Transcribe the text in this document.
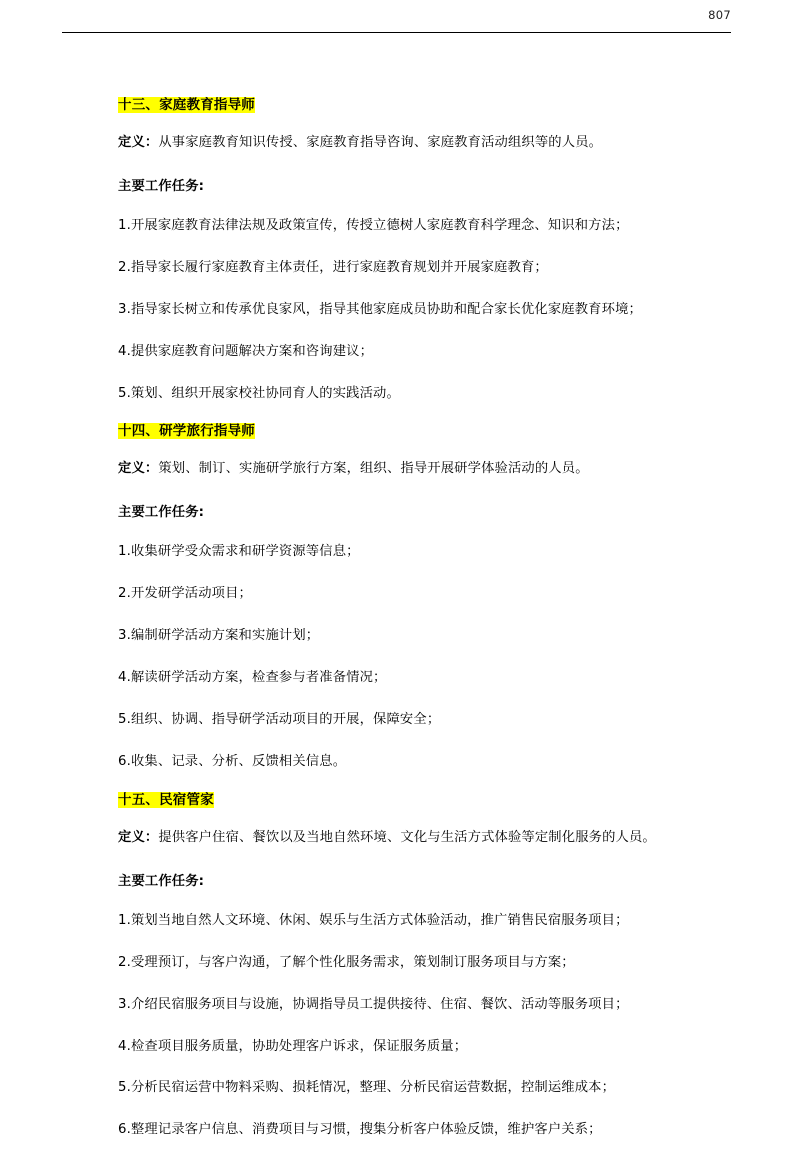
807
十三、家庭教育指导师

定义：从事家庭教育知识传授、家庭教育指导咨询、家庭教育活动组织等的人员。

主要工作任务:

1.开展家庭教育法律法规及政策宣传，传授立德树人家庭教育科学理念、知识和方法；

2.指导家长履行家庭教育主体责任，进行家庭教育规划并开展家庭教育；

3.指导家长树立和传承优良家风，指导其他家庭成员协助和配合家长优化家庭教育环境；

4.提供家庭教育问题解决方案和咨询建议；

5.策划、组织开展家校社协同育人的实践活动。

十四、研学旅行指导师

定义：策划、制订、实施研学旅行方案，组织、指导开展研学体验活动的人员。

主要工作任务:

1.收集研学受众需求和研学资源等信息；

2.开发研学活动项目；

3.编制研学活动方案和实施计划；

4.解读研学活动方案，检查参与者准备情况；

5.组织、协调、指导研学活动项目的开展，保障安全；

6.收集、记录、分析、反馈相关信息。

十五、民宿管家

定义：提供客户住宿、餐饮以及当地自然环境、文化与生活方式体验等定制化服务的人员。

主要工作任务:

1.策划当地自然人文环境、休闲、娱乐与生活方式体验活动，推广销售民宿服务项目；

2.受理预订，与客户沟通，了解个性化服务需求，策划制订服务项目与方案；

3.介绍民宿服务项目与设施，协调指导员工提供接待、住宿、餐饮、活动等服务项目；

4.检查项目服务质量，协助处理客户诉求，保证服务质量；

5.分析民宿运营中物料采购、损耗情况，整理、分析民宿运营数据，控制运维成本；

6.整理记录客户信息、消费项目与习惯，搜集分析客户体验反馈，维护客户关系；
